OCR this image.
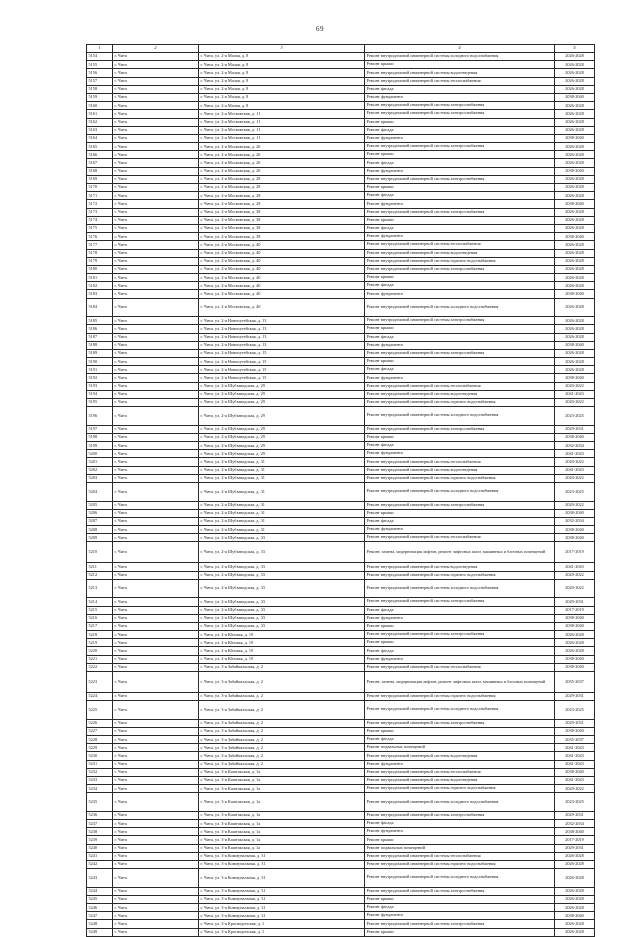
69
1	2	3	4	5
5154	г. Чита	г. Чита, ул. 2-я Малая, д. 8	Ремонт внутридомовой инженерной системы холодного водоснабжения	2026-2028
5155	г. Чита	г. Чита, ул. 2-я Малая, д. 8	Ремонт крыши	2026-2028
5156	г. Чита	г. Чита, ул. 2-я Малая, д. 8	Ремонт внутридомовой инженерной системы водоотведения	2026-2028
5157	г. Чита	г. Чита, ул. 2-я Малая, д. 8	Ремонт внутридомовой инженерной системы теплоснабжения	2026-2028
5158	г. Чита	г. Чита, ул. 2-я Малая, д. 8	Ремонт фасада	2026-2028
5159	г. Чита	г. Чита, ул. 2-я Малая, д. 8	Ремонт фундамента	2038-2040
5160	г. Чита	г. Чита, ул. 2-я Малая, д. 8	Ремонт внутридомовой инженерной системы электроснабжения	2026-2028
5161	г. Чита	г. Чита, ул. 2-я Московская, д. 11	Ремонт внутридомовой инженерной системы электроснабжения	2026-2028
5162	г. Чита	г. Чита, ул. 2-я Московская, д. 11	Ремонт крыши	2026-2028
5163	г. Чита	г. Чита, ул. 2-я Московская, д. 11	Ремонт фасада	2026-2028
5164	г. Чита	г. Чита, ул. 2-я Московская, д. 11	Ремонт фундамента	2038-2040
5165	г. Чита	г. Чита, ул. 2-я Московская, д. 26	Ремонт внутридомовой инженерной системы электроснабжения	2026-2028
5166	г. Чита	г. Чита, ул. 2-я Московская, д. 26	Ремонт крыши	2026-2028
5167	г. Чита	г. Чита, ул. 2-я Московская, д. 26	Ремонт фасада	2026-2028
5168	г. Чита	г. Чита, ул. 2-я Московская, д. 26	Ремонт фундамента	2038-2040
5169	г. Чита	г. Чита, ул. 2-я Московская, д. 28	Ремонт внутридомовой инженерной системы электроснабжения	2026-2028
5170	г. Чита	г. Чита, ул. 2-я Московская, д. 28	Ремонт крыши	2026-2028
5171	г. Чита	г. Чита, ул. 2-я Московская, д. 28	Ремонт фасада	2026-2028
5172	г. Чита	г. Чита, ул. 2-я Московская, д. 28	Ремонт фундамента	2038-2040
5173	г. Чита	г. Чита, ул. 2-я Московская, д. 38	Ремонт внутридомовой инженерной системы электроснабжения	2026-2028
5174	г. Чита	г. Чита, ул. 2-я Московская, д. 38	Ремонт крыши	2026-2028
5175	г. Чита	г. Чита, ул. 2-я Московская, д. 38	Ремонт фасада	2026-2028
5176	г. Чита	г. Чита, ул. 2-я Московская, д. 38	Ремонт фундамента	2038-2040
5177	г. Чита	г. Чита, ул. 2-я Московская, д. 40	Ремонт внутридомовой инженерной системы теплоснабжения	2026-2028
5178	г. Чита	г. Чита, ул. 2-я Московская, д. 40	Ремонт внутридомовой инженерной системы водоотведения	2026-2028
5179	г. Чита	г. Чита, ул. 2-я Московская, д. 40	Ремонт внутридомовой инженерной системы горячего водоснабжения	2026-2028
5180	г. Чита	г. Чита, ул. 2-я Московская, д. 40	Ремонт внутридомовой инженерной системы электроснабжения	2026-2028
5181	г. Чита	г. Чита, ул. 2-я Московская, д. 40	Ремонт крыши	2026-2028
5182	г. Чита	г. Чита, ул. 2-я Московская, д. 40	Ремонт фасада	2026-2028
5183	г. Чита	г. Чита, ул. 2-я Московская, д. 40	Ремонт фундамента	2038-2040
5184	г. Чита	г. Чита, ул. 2-я Московская, д. 40	Ремонт внутридомовой инженерной системы холодного водоснабжения	2026-2028
5185	г. Чита	г. Чита, ул. 2-я Новопутейская, д. 13	Ремонт внутридомовой инженерной системы электроснабжения	2026-2028
5186	г. Чита	г. Чита, ул. 2-я Новопутейская, д. 13	Ремонт крыши	2026-2028
5187	г. Чита	г. Чита, ул. 2-я Новопутейская, д. 13	Ремонт фасада	2026-2028
5188	г. Чита	г. Чита, ул. 2-я Новопутейская, д. 13	Ремонт фундамента	2038-2040
5189	г. Чита	г. Чита, ул. 2-я Новопутейская, д. 15	Ремонт внутридомовой инженерной системы электроснабжения	2026-2028
5190	г. Чита	г. Чита, ул. 2-я Новопутейская, д. 15	Ремонт крыши	2026-2028
5191	г. Чита	г. Чита, ул. 2-я Новопутейская, д. 15	Ремонт фасада	2026-2028
5192	г. Чита	г. Чита, ул. 2-я Новопутейская, д. 15	Ремонт фундамента	2038-2040
5193	г. Чита	г. Чита, ул. 2-я Шубзаводская, д. 29	Ремонт внутридомовой инженерной системы теплоснабжения	2020-2022
5194	г. Чита	г. Чита, ул. 2-я Шубзаводская, д. 29	Ремонт внутридомовой инженерной системы водоотведения	2041-2043
5195	г. Чита	г. Чита, ул. 2-я Шубзаводская, д. 29	Ремонт внутридомовой инженерной системы горячего водоснабжения	2020-2022
5196	г. Чита	г. Чита, ул. 2-я Шубзаводская, д. 29	Ремонт внутридомовой инженерной системы холодного водоснабжения	2023-2025
5197	г. Чита	г. Чита, ул. 2-я Шубзаводская, д. 29	Ремонт внутридомовой инженерной системы электроснабжения	2029-2031
5198	г. Чита	г. Чита, ул. 2-я Шубзаводская, д. 29	Ремонт крыши	2038-2040
5199	г. Чита	г. Чита, ул. 2-я Шубзаводская, д. 29	Ремонт фасада	2032-2034
5200	г. Чита	г. Чита, ул. 2-я Шубзаводская, д. 29	Ремонт фундамента	2041-2043
5201	г. Чита	г. Чита, ул. 2-я Шубзаводская, д. 31	Ремонт внутридомовой инженерной системы теплоснабжения	2020-2022
5202	г. Чита	г. Чита, ул. 2-я Шубзаводская, д. 31	Ремонт внутридомовой инженерной системы водоотведения	2041-2043
5203	г. Чита	г. Чита, ул. 2-я Шубзаводская, д. 31	Ремонт внутридомовой инженерной системы горячего водоснабжения	2020-2022
5204	г. Чита	г. Чита, ул. 2-я Шубзаводская, д. 31	Ремонт внутридомовой инженерной системы холодного водоснабжения	2023-2025
5205	г. Чита	г. Чита, ул. 2-я Шубзаводская, д. 31	Ремонт внутридомовой инженерной системы электроснабжения	2020-2022
5206	г. Чита	г. Чита, ул. 2-я Шубзаводская, д. 31	Ремонт крыши	2038-2040
5207	г. Чита	г. Чита, ул. 2-я Шубзаводская, д. 31	Ремонт фасада	2032-2034
5208	г. Чита	г. Чита, ул. 2-я Шубзаводская, д. 31	Ремонт фундамента	2038-2040
5209	г. Чита	г. Чита, ул. 2-я Шубзаводская, д. 33	Ремонт внутридомовой инженерной системы теплоснабжения	2038-2040
5210	г. Чита	г. Чита, ул. 2-я Шубзаводская, д. 33	Ремонт, замена, модернизация лифтов, ремонт лифтовых шахт, машинных и блочных помещений	2017-2019
5211	г. Чита	г. Чита, ул. 2-я Шубзаводская, д. 33	Ремонт внутридомовой инженерной системы водоотведения	2041-2043
5212	г. Чита	г. Чита, ул. 2-я Шубзаводская, д. 33	Ремонт внутридомовой инженерной системы горячего водоснабжения	2020-2022
5213	г. Чита	г. Чита, ул. 2-я Шубзаводская, д. 33	Ремонт внутридомовой инженерной системы холодного водоснабжения	2020-2022
5214	г. Чита	г. Чита, ул. 2-я Шубзаводская, д. 33	Ремонт внутридомовой инженерной системы электроснабжения	2029-2031
5215	г. Чита	г. Чита, ул. 2-я Шубзаводская, д. 33	Ремонт фасада	2017-2019
5216	г. Чита	г. Чита, ул. 2-я Шубзаводская, д. 33	Ремонт фундамента	2038-2040
5217	г. Чита	г. Чита, ул. 2-я Шубзаводская, д. 33	Ремонт крыши	2038-2040
5218	г. Чита	г. Чита, ул. 2-я Юнская, д. 19	Ремонт внутридомовой инженерной системы электроснабжения	2026-2028
5219	г. Чита	г. Чита, ул. 2-я Юнская, д. 19	Ремонт крыши	2026-2028
5220	г. Чита	г. Чита, ул. 2-я Юнская, д. 19	Ремонт фасада	2026-2028
5221	г. Чита	г. Чита, ул. 2-я Юнская, д. 19	Ремонт фундамента	2038-2040
5222	г. Чита	г. Чита, ул. 3-я Забайкальская, д. 2	Ремонт внутридомовой инженерной системы теплоснабжения	2038-2040
5223	г. Чита	г. Чита, ул. 3-я Забайкальская, д. 2	Ремонт, замена, модернизация лифтов, ремонт лифтовых шахт, машинных и блочных помещений	2035-2037
5224	г. Чита	г. Чита, ул. 3-я Забайкальская, д. 2	Ремонт внутридомовой инженерной системы горячего водоснабжения	2029-2031
5225	г. Чита	г. Чита, ул. 3-я Забайкальская, д. 2	Ремонт внутридомовой инженерной системы холодного водоснабжения	2023-2025
5226	г. Чита	г. Чита, ул. 3-я Забайкальская, д. 2	Ремонт внутридомовой инженерной системы электроснабжения	2029-2031
5227	г. Чита	г. Чита, ул. 3-я Забайкальская, д. 2	Ремонт крыши	2038-2040
5228	г. Чита	г. Чита, ул. 3-я Забайкальская, д. 2	Ремонт фасада	2035-2037
5229	г. Чита	г. Чита, ул. 3-я Забайкальская, д. 2	Ремонт подвальных помещений	2041-2043
5230	г. Чита	г. Чита, ул. 3-я Забайкальская, д. 2	Ремонт внутридомовой инженерной системы водоотведения	2041-2043
5231	г. Чита	г. Чита, ул. 3-я Забайкальская, д. 2	Ремонт фундамента	2041-2043
5232	г. Чита	г. Чита, ул. 3-я Каштакская, д. 1а	Ремонт внутридомовой инженерной системы теплоснабжения	2038-2040
5233	г. Чита	г. Чита, ул. 3-я Каштакская, д. 1а	Ремонт внутридомовой инженерной системы водоотведения	2041-2043
5234	г. Чита	г. Чита, ул. 3-я Каштакская, д. 1а	Ремонт внутридомовой инженерной системы горячего водоснабжения	2020-2022
5235	г. Чита	г. Чита, ул. 3-я Каштакская, д. 1а	Ремонт внутридомовой инженерной системы холодного водоснабжения	2023-2025
5236	г. Чита	г. Чита, ул. 3-я Каштакская, д. 1а	Ремонт внутридомовой инженерной системы электроснабжения	2029-2031
5237	г. Чита	г. Чита, ул. 3-я Каштакская, д. 1а	Ремонт фасада	2032-2034
5238	г. Чита	г. Чита, ул. 3-я Каштакская, д. 1а	Ремонт фундамента	2038-2040
5239	г. Чита	г. Чита, ул. 3-я Каштакская, д. 1а	Ремонт крыши	2017-2019
5240	г. Чита	г. Чита, ул. 3-я Каштакская, д. 1а	Ремонт подвальных помещений	2029-2031
5241	г. Чита	г. Чита, ул. 3-я Коммунальная, д. 31	Ремонт внутридомовой инженерной системы теплоснабжения	2026-2028
5242	г. Чита	г. Чита, ул. 3-я Коммунальная, д. 31	Ремонт внутридомовой инженерной системы горячего водоснабжения	2026-2028
5243	г. Чита	г. Чита, ул. 3-я Коммунальная, д. 31	Ремонт внутридомовой инженерной системы холодного водоснабжения	2026-2028
5244	г. Чита	г. Чита, ул. 3-я Коммунальная, д. 31	Ремонт внутридомовой инженерной системы электроснабжения	2026-2028
5245	г. Чита	г. Чита, ул. 3-я Коммунальная, д. 31	Ремонт крыши	2026-2028
5246	г. Чита	г. Чита, ул. 3-я Коммунальная, д. 31	Ремонт фасада	2026-2028
5247	г. Чита	г. Чита, ул. 3-я Коммунальная, д. 31	Ремонт фундамента	2038-2040
5248	г. Чита	г. Чита, ул. 3-я Краснодонская, д. 1	Ремонт внутридомовой инженерной системы электроснабжения	2026-2028
5249	г. Чита	г. Чита, ул. 3-я Краснодонская, д. 1	Ремонт крыши	2026-2028
